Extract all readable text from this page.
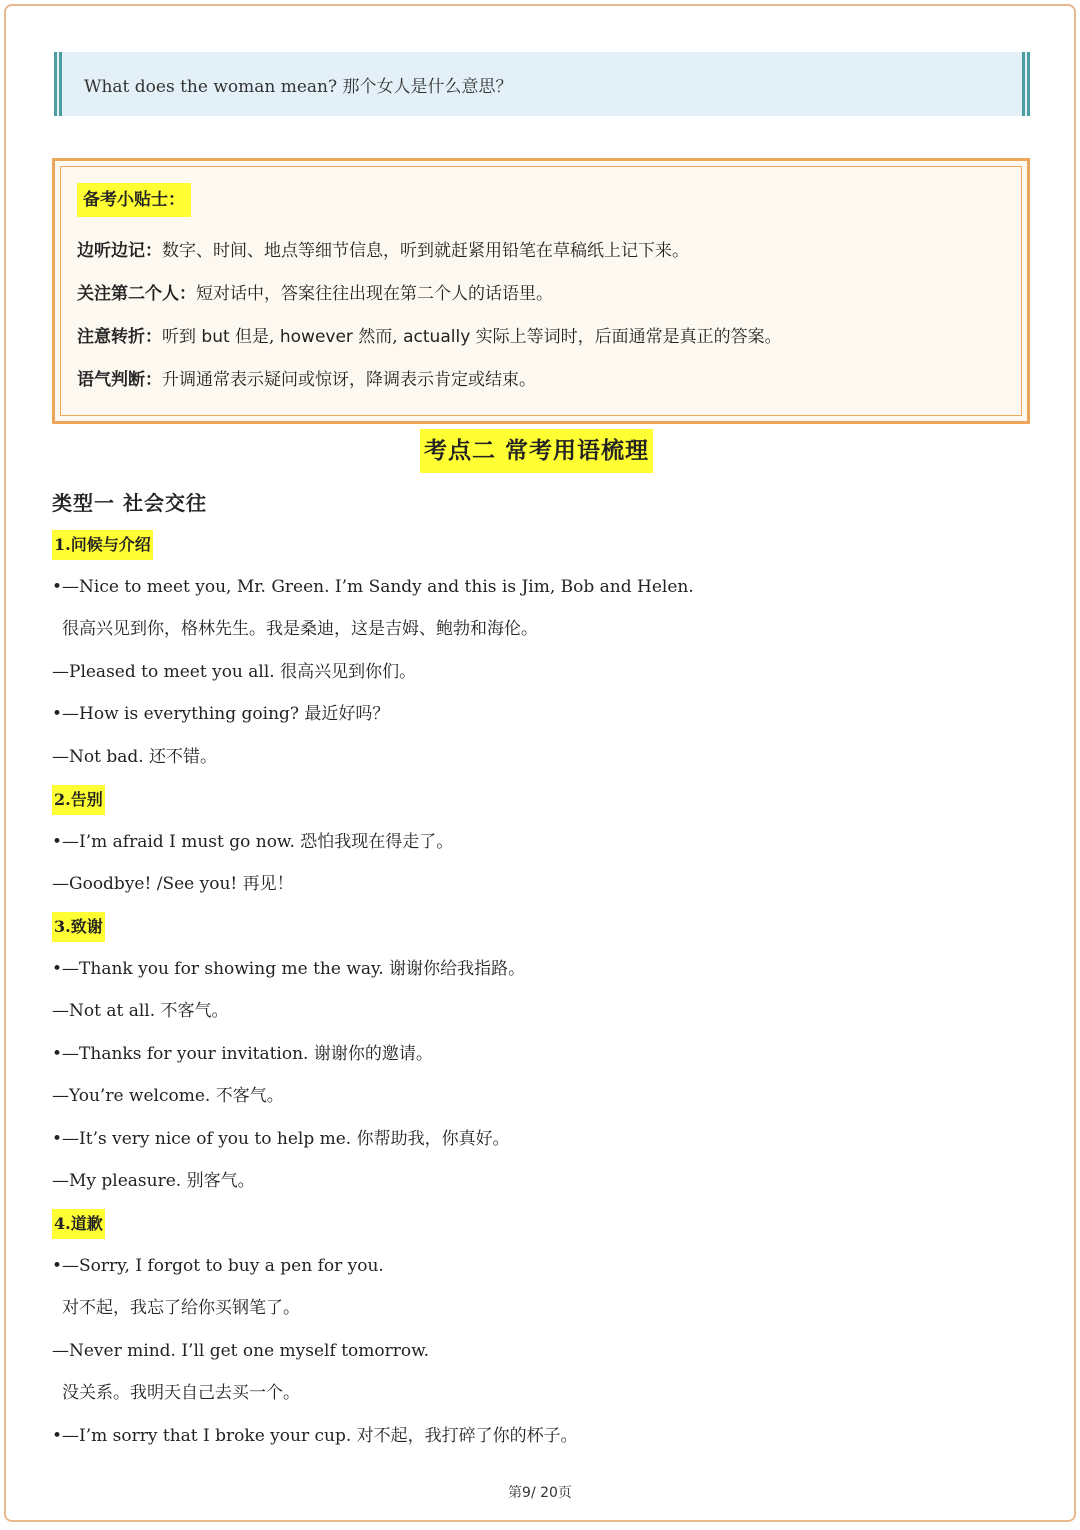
What does the woman mean? 那个女人是什么意思？
备考小贴士：
边听边记：数字、时间、地点等细节信息，听到就赶紧用铅笔在草稿纸上记下来。
关注第二个人：短对话中，答案往往出现在第二个人的话语里。
注意转折：听到 but 但是, however 然而, actually 实际上等词时，后面通常是真正的答案。
语气判断：升调通常表示疑问或惊讶，降调表示肯定或结束。
考点二 常考用语梳理
类型一 社会交往
1.问候与介绍
•—Nice to meet you, Mr. Green. I’m Sandy and this is Jim, Bob and Helen.
很高兴见到你，格林先生。我是桑迪，这是吉姆、鲍勃和海伦。
—Pleased to meet you all. 很高兴见到你们。
•—How is everything going? 最近好吗？
—Not bad. 还不错。
2.告别
•—I’m afraid I must go now. 恐怕我现在得走了。
—Goodbye! /See you! 再见！
3.致谢
•—Thank you for showing me the way. 谢谢你给我指路。
—Not at all. 不客气。
•—Thanks for your invitation. 谢谢你的邀请。
—You’re welcome. 不客气。
•—It’s very nice of you to help me. 你帮助我，你真好。
—My pleasure. 别客气。
4.道歉
•—Sorry, I forgot to buy a pen for you.
对不起，我忘了给你买钢笔了。
—Never mind. I’ll get one myself tomorrow.
没关系。我明天自己去买一个。
•—I’m sorry that I broke your cup. 对不起，我打碎了你的杯子。
第9/ 20页
